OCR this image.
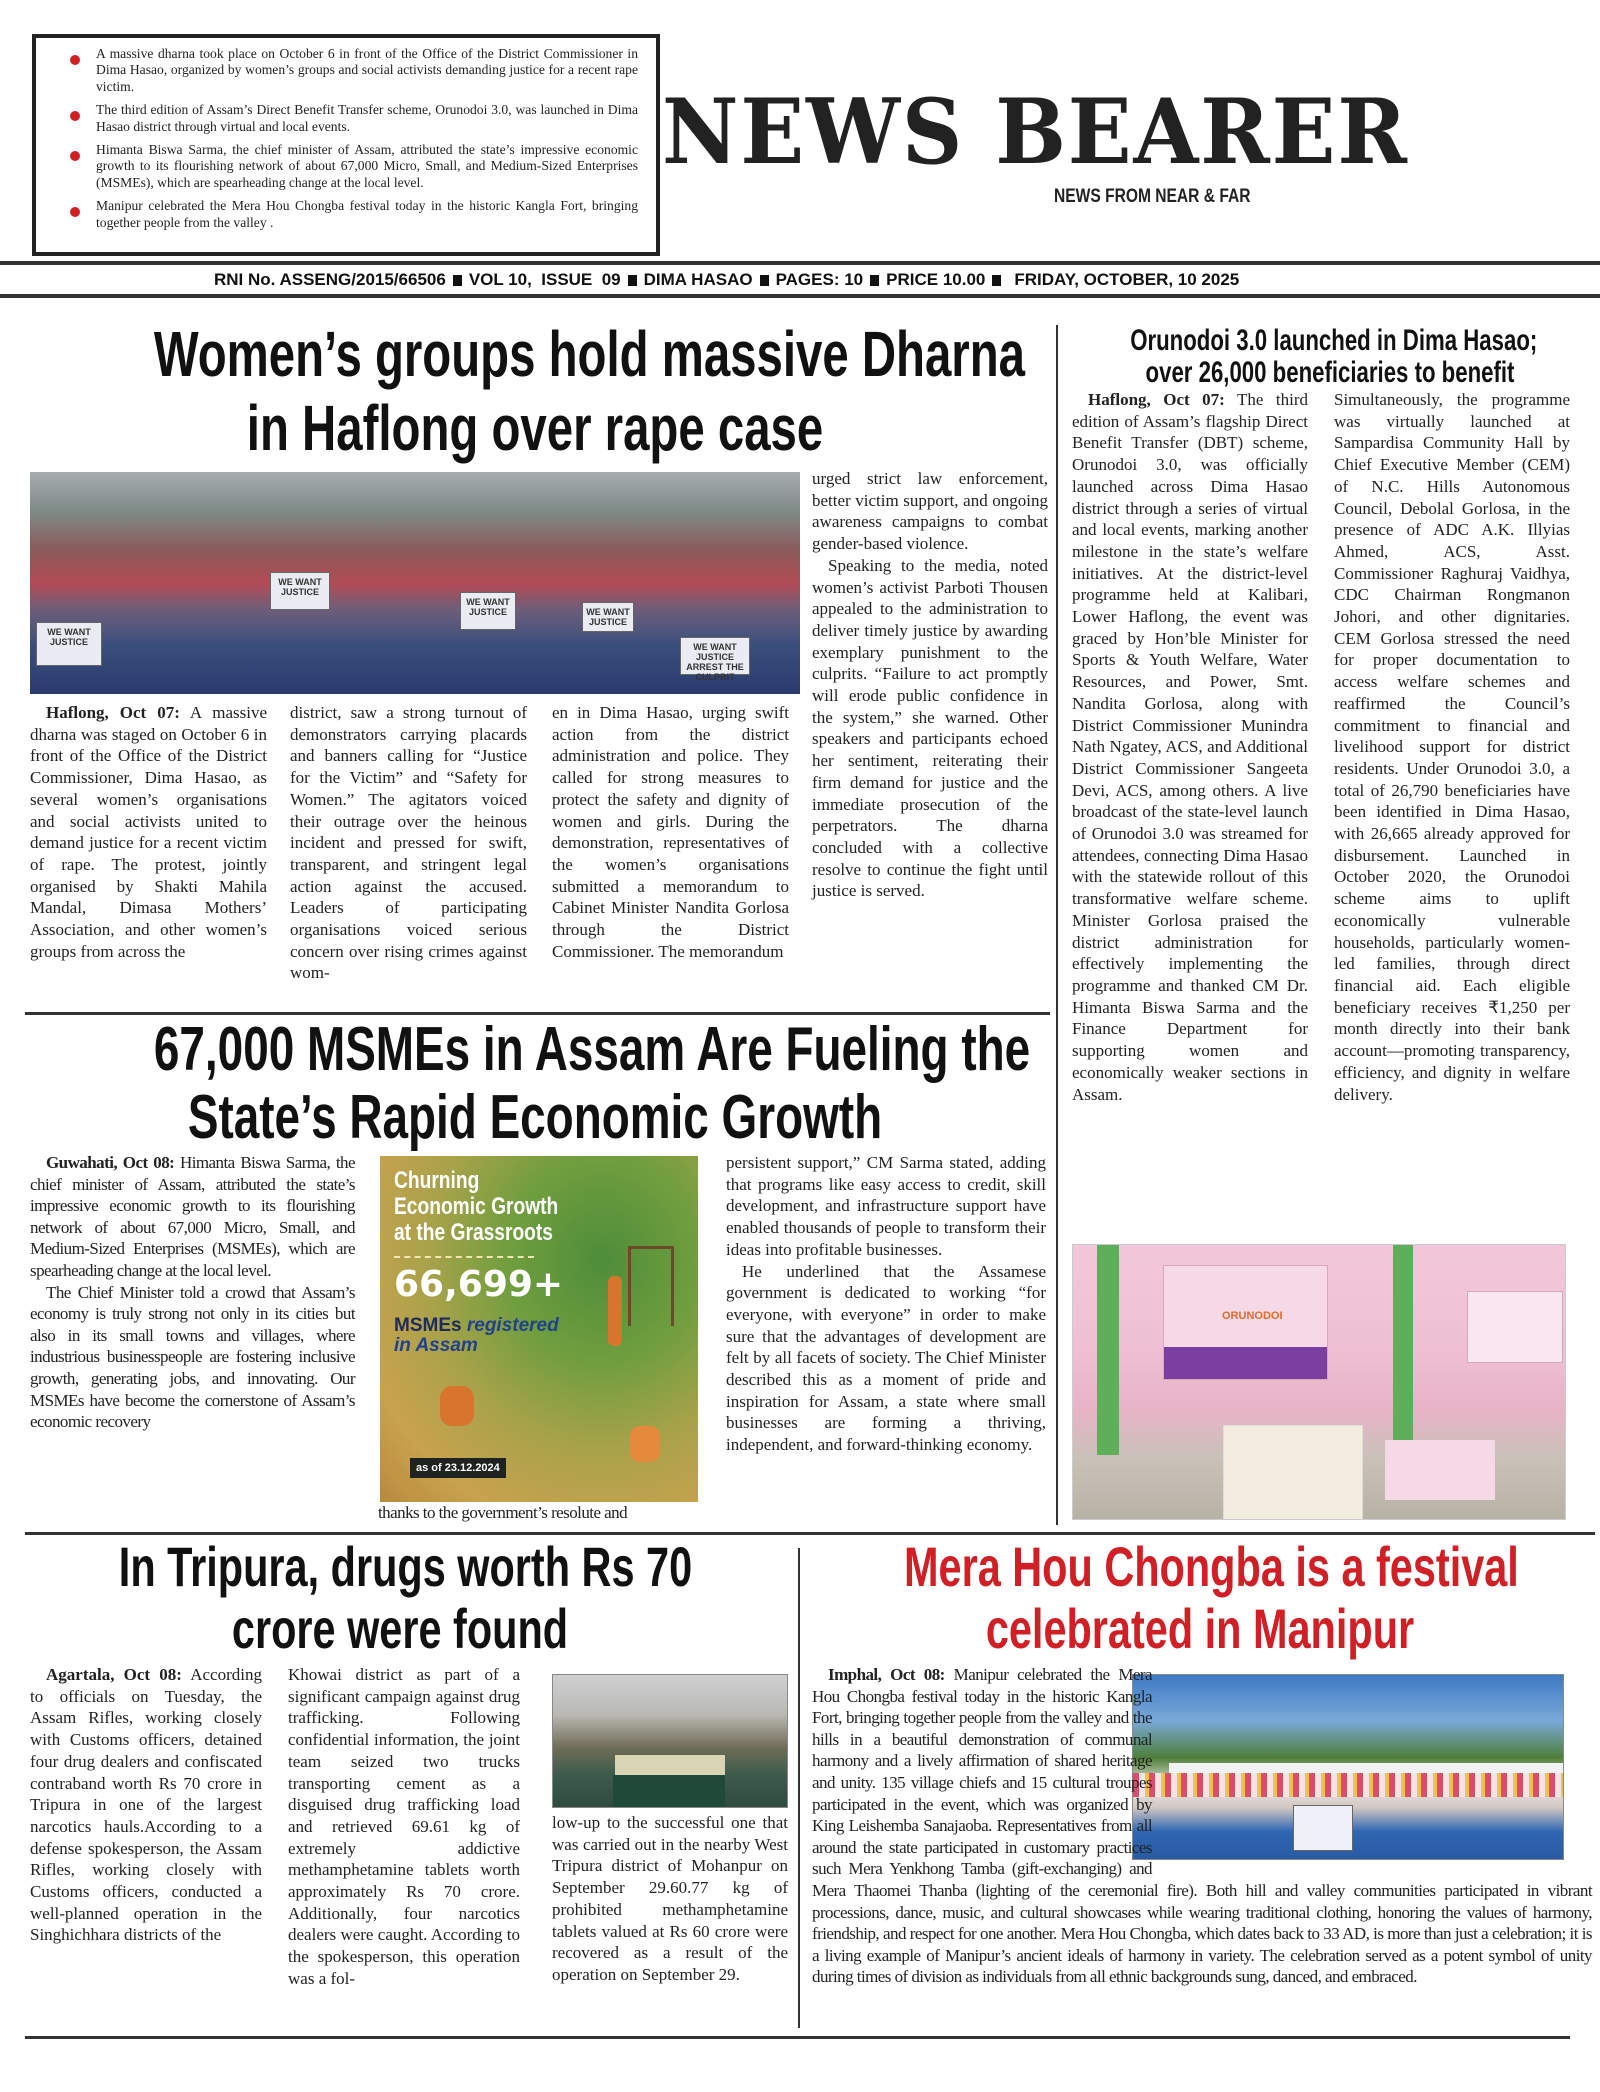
A massive dharna took place on October 6 in front of the Office of the District Commissioner in Dima Hasao, organized by women’s groups and social activists demanding justice for a recent rape victim.
The third edition of Assam’s Direct Benefit Transfer scheme, Orunodoi 3.0, was launched in Dima Hasao district through virtual and local events.
Himanta Biswa Sarma, the chief minister of Assam, attributed the state’s impressive economic growth to its flourishing network of about 67,000 Micro, Small, and Medium-Sized Enterprises (MSMEs), which are spearheading change at the local level.
Manipur celebrated the Mera Hou Chongba festival today in the historic Kangla Fort, bringing together people from the valley .
NEWS BEARER
NEWS FROM NEAR & FAR
RNI No. ASSENG/2015/66506 VOL 10,  ISSUE  09 DIMA HASAO PAGES: 10 PRICE 10.00 FRIDAY, OCTOBER, 10 2025
Women’s groups hold massive Dharna
in Haflong over rape case
WE WANT JUSTICE
WE WANT JUSTICE
WE WANT JUSTICE	WE WANT JUSTICE
WE WANT JUSTICE ARREST THE CULPRIT

Haflong, Oct 07: A massive dharna was staged on October 6 in front of the Office of the District Commissioner, Dima Hasao, as several women’s organisations and social activists united to demand justice for a recent victim of rape. The protest, jointly organised by Shakti Mahila Mandal, Dimasa Mothers’ Association, and other women’s groups from across the

district, saw a strong turnout of demonstrators carrying placards and banners calling for “Justice for the Victim” and “Safety for Women.” The agitators voiced their outrage over the heinous incident and pressed for swift, transparent, and stringent legal action against the accused. Leaders of participating organisations voiced serious concern over rising crimes against wom-
en in Dima Hasao, urging swift action from the district administration and police. They called for strong measures to protect the safety and dignity of women and girls. During the demonstration, representatives of the women’s organisations submitted a memorandum to Cabinet Minister Nandita Gorlosa through the District Commissioner. The memorandum
urged strict law enforcement, better victim support, and ongoing awareness campaigns to combat gender-based violence.

Speaking to the media, noted women’s activist Parboti Thousen appealed to the administration to deliver timely justice by awarding exemplary punishment to the culprits. “Failure to act promptly will erode public confidence in the system,” she warned. Other speakers and participants echoed her sentiment, reiterating their firm demand for justice and the immediate prosecution of the perpetrators. The dharna concluded with a collective resolve to continue the fight until justice is served.

Orunodoi 3.0 launched in Dima Hasao;
over 26,000 beneficiaries to benefit

Haflong, Oct 07: The third edition of Assam’s flagship Direct Benefit Transfer (DBT) scheme, Orunodoi 3.0, was officially launched across Dima Hasao district through a series of virtual and local events, marking another milestone in the state’s welfare initiatives. At the district-level programme held at Kalibari, Lower Haflong, the event was graced by Hon’ble Minister for Sports & Youth Welfare, Water Resources, and Power, Smt. Nandita Gorlosa, along with District Commissioner Munindra Nath Ngatey, ACS, and Additional District Commissioner Sangeeta Devi, ACS, among others. A live broadcast of the state-level launch of Orunodoi 3.0 was streamed for attendees, connecting Dima Hasao with the statewide rollout of this transformative welfare scheme. Minister Gorlosa praised the district administration for effectively implementing the programme and thanked CM Dr. Himanta Biswa Sarma and the Finance Department for supporting women and economically weaker sections in Assam.

Simultaneously, the programme was virtually launched at Sampardisa Community Hall by Chief Executive Member (CEM) of N.C. Hills Autonomous Council, Debolal Gorlosa, in the presence of ADC A.K. Illyias Ahmed, ACS, Asst. Commissioner Raghuraj Vaidhya, CDC Chairman Rongmanon Johori, and other dignitaries. CEM Gorlosa stressed the need for proper documentation to access welfare schemes and reaffirmed the Council’s commitment to financial and livelihood support for district residents. Under Orunodoi 3.0, a total of 26,790 beneficiaries have been identified in Dima Hasao, with 26,665 already approved for disbursement. Launched in October 2020, the Orunodoi scheme aims to uplift economically vulnerable households, particularly women-led families, through direct financial aid. Each eligible beneficiary receives ₹1,250 per month directly into their bank account—promoting transparency, efficiency, and dignity in welfare delivery.
ORUNODOI
67,000 MSMEs in Assam Are Fueling the
State’s Rapid Economic Growth

Guwahati, Oct 08: Himanta Biswa Sarma, the chief minister of Assam, attributed the state’s impressive economic growth to its flourishing network of about 67,000 Micro, Small, and Medium-Sized Enterprises (MSMEs), which are spearheading change at the local level.

The Chief Minister told a crowd that Assam’s economy is truly strong not only in its cities but also in its small towns and villages, where industrious businesspeople are fostering inclusive growth, generating jobs, and innovating. Our MSMEs have become the cornerstone of Assam’s economic recovery

Churning
Economic Growth
at the Grassroots
66,699+
MSMEs registered
in Assam
as of 23.12.2024
thanks to the government’s resolute and
persistent support,” CM Sarma stated, adding that programs like easy access to credit, skill development, and infrastructure support have enabled thousands of people to transform their ideas into profitable businesses.

He underlined that the Assamese government is dedicated to working “for everyone, with everyone” in order to make sure that the advantages of development are felt by all facets of society. The Chief Minister described this as a moment of pride and inspiration for Assam, a state where small businesses are forming a thriving, independent, and forward-thinking economy.

In Tripura, drugs worth Rs 70
crore were found

Agartala, Oct 08: According to officials on Tuesday, the Assam Rifles, working closely with Customs officers, detained four drug dealers and confiscated contraband worth Rs 70 crore in Tripura in one of the largest narcotics hauls.According to a defense spokesperson, the Assam Rifles, working closely with Customs officers, conducted a well-planned operation in the Singhichhara districts of the

Khowai district as part of a significant campaign against drug trafficking. Following confidential information, the joint team seized two trucks transporting cement as a disguised drug trafficking load and retrieved 69.61 kg of extremely addictive methamphetamine tablets worth approximately Rs 70 crore. Additionally, four narcotics dealers were caught. According to the spokesperson, this operation was a fol-
low-up to the successful one that was carried out in the nearby West Tripura district of Mohanpur on September 29.60.77 kg of prohibited methamphetamine tablets valued at Rs 60 crore were recovered as a result of the operation on September 29.
Mera Hou Chongba is a festival
celebrated in Manipur

Imphal, Oct 08: Manipur celebrated the Mera Hou Chongba festival today in the historic Kangla Fort, bringing together people from the valley and the hills in a beautiful demonstration of communal harmony and a lively affirmation of shared heritage and unity. 135 village chiefs and 15 cultural troupes participated in the event, which was organized by King Leishemba Sanajaoba. Representatives from all around the state participated in customary practices such Mera Yenkhong Tamba (gift-exchanging) and Mera Thaomei Thanba (lighting of the ceremonial fire). Both hill and valley communities participated in vibrant processions, dance, music, and cultural showcases while wearing traditional clothing, honoring the values of harmony, friendship, and respect for one another. Mera Hou Chongba, which dates back to 33 AD, is more than just a celebration; it is a living example of Manipur’s ancient ideals of harmony in variety. The celebration served as a potent symbol of unity during times of division as individuals from all ethnic backgrounds sung, danced, and embraced.
